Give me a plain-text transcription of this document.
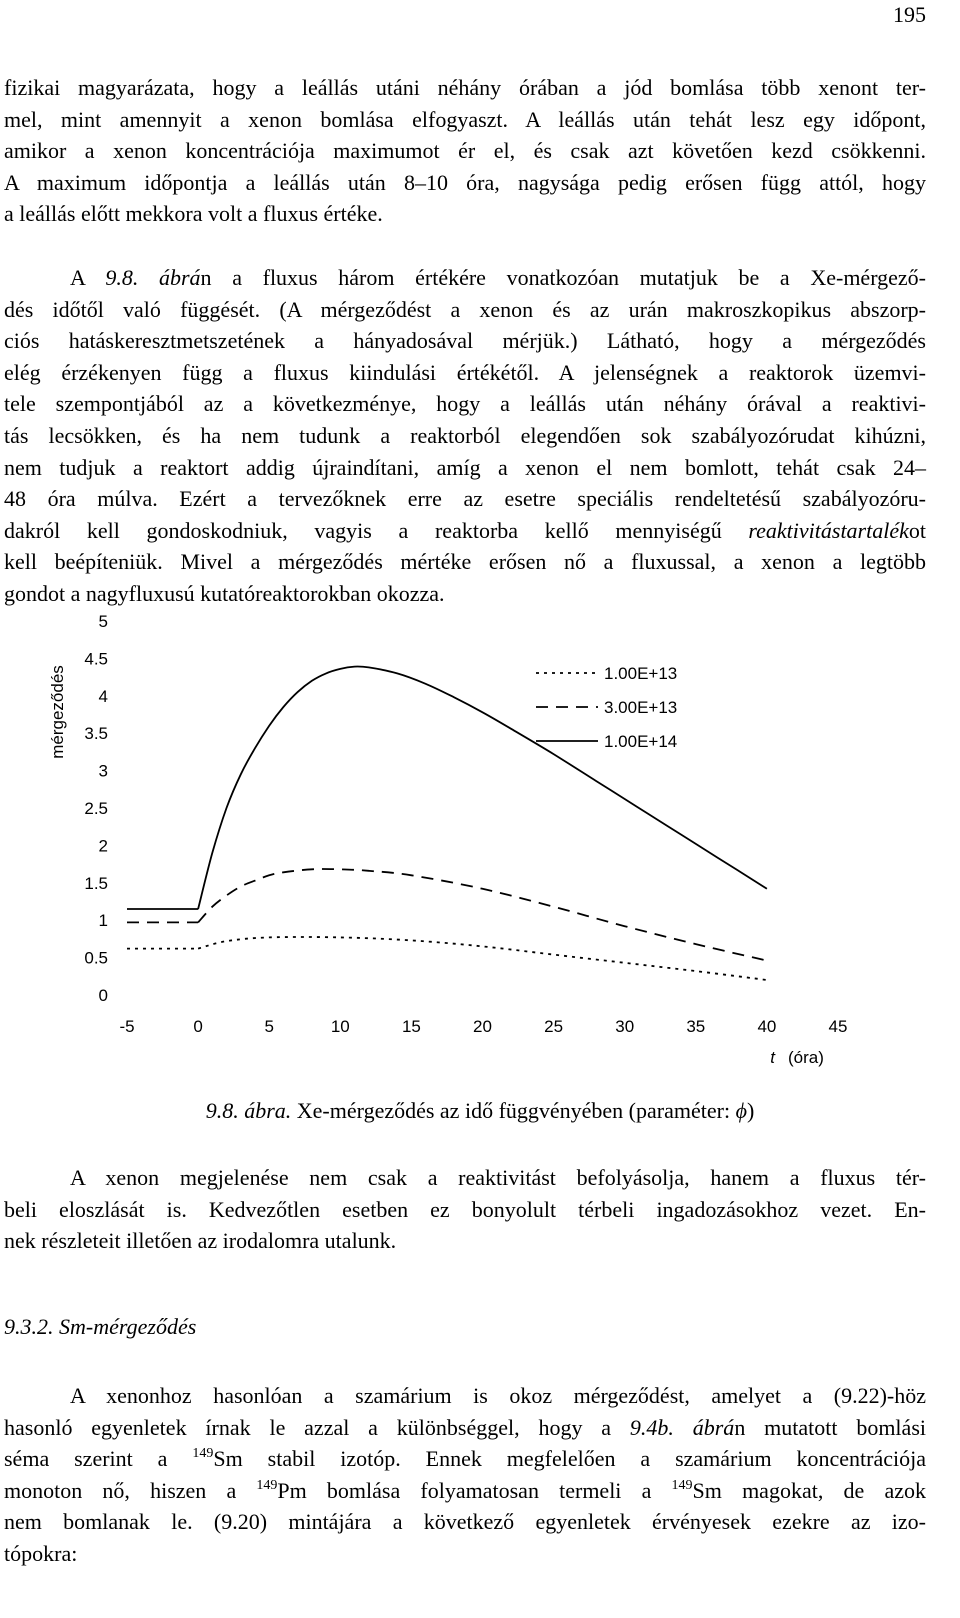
195
fizikai magyarázata, hogy a leállás utáni néhány órában a jód bomlása több xenont ter-
mel, mint amennyit a xenon bomlása elfogyaszt. A leállás után tehát lesz egy időpont,
amikor a xenon koncentrációja maximumot ér el, és csak azt követően kezd csökkenni.
A maximum időpontja a leállás után 8–10 óra, nagysága pedig erősen függ attól, hogy
a leállás előtt mekkora volt a fluxus értéke.
A 9.8. ábrán a fluxus három értékére vonatkozóan mutatjuk be a Xe-mérgező-
dés időtől való függését. (A mérgeződést a xenon és az urán makroszkopikus abszorp-
ciós hatáskeresztmetszetének a hányadosával mérjük.) Látható, hogy a mérgeződés
elég érzékenyen függ a fluxus kiindulási értékétől. A jelenségnek a reaktorok üzemvi-
tele szempontjából az a következménye, hogy a leállás után néhány órával a reaktivi-
tás lecsökken, és ha nem tudunk a reaktorból elegendően sok szabályozórudat kihúzni,
nem tudjuk a reaktort addig újraindítani, amíg a xenon el nem bomlott, tehát csak 24–
48 óra múlva. Ezért a tervezőknek erre az esetre speciális rendeltetésű szabályozóru-
dakról kell gondoskodniuk, vagyis a reaktorba kellő mennyiségű reaktivitástartalékot
kell beépíteniük. Mivel a mérgeződés mértéke erősen nő a fluxussal, a xenon a legtöbb
gondot a nagyfluxusú kutatóreaktorokban okozza.
0
0.5
1
1.5
2
2.5
3
3.5
4
4.5
5
-5	0	5	10	15	20	25	30	35	40	45
1.00E+13
3.00E+13
1.00E+14
mérgeződés
t (óra)
9.8. ábra. Xe-mérgeződés az idő függvényében (paraméter: ϕ)
A xenon megjelenése nem csak a reaktivitást befolyásolja, hanem a fluxus tér-
beli eloszlását is. Kedvezőtlen esetben ez bonyolult térbeli ingadozásokhoz vezet. En-
nek részleteit illetően az irodalomra utalunk.
9.3.2. Sm-mérgeződés
A xenonhoz hasonlóan a szamárium is okoz mérgeződést, amelyet a (9.22)-höz
hasonló egyenletek írnak le azzal a különbséggel, hogy a 9.4b. ábrán mutatott bomlási
séma szerint a $^{149}$Sm stabil izotóp. Ennek megfelelően a szamárium koncentrációja
monoton nő, hiszen a $^{149}$Pm bomlása folyamatosan termeli a $^{149}$Sm magokat, de azok
nem bomlanak le. (9.20) mintájára a következő egyenletek érvényesek ezekre az izo-
tópokra:
